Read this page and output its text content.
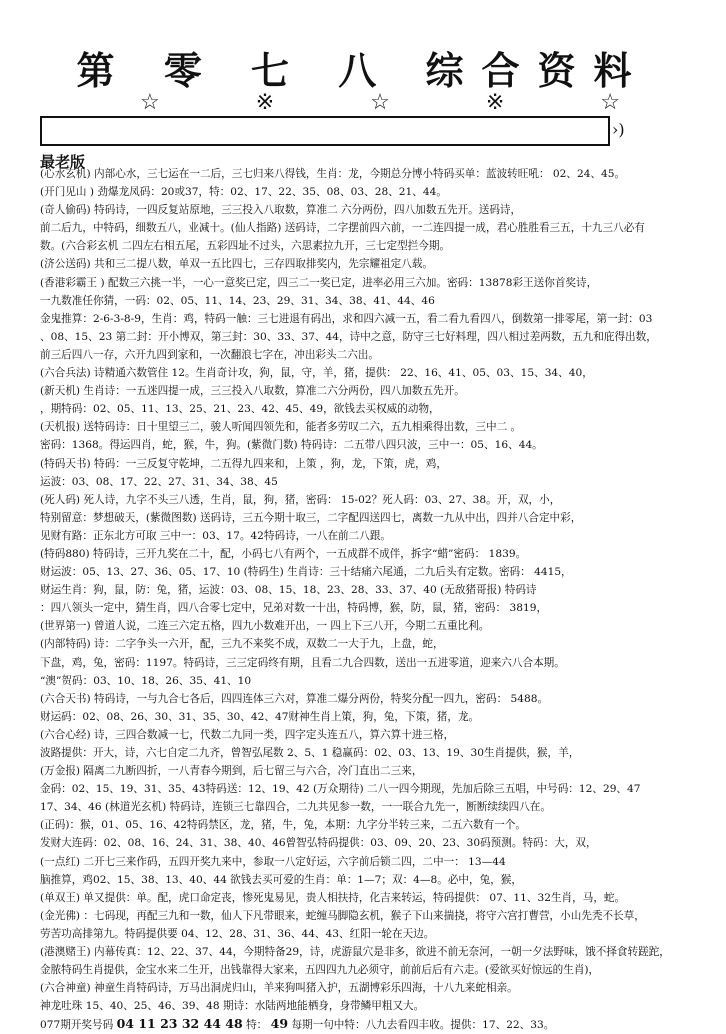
第 零 七 八 综合资料
☆	※	☆	※	☆
›)
最老版
(心水玄机) 内部心水，三七运在一二后，三七归来八得钱，生肖：龙，今期总分博小特码买单：蓝波转旺吼： 02、24、45。
(开门见山 ) 劲爆龙凤码：20或37，特：02、17、22、35、08、03、28、21、44。
(奇人偷码) 特码诗，一四反复站原地，三三投入八取数，算准二 六分两份，四八加数五先开。送码诗，
前二后九，中特码，细数五八，业减十。(仙人指路) 送码诗，二字摆前四六前，一二连四提一成，君心胜胜看三五，十九三八必有
数。(六合彩玄机 二四左右相五尾，五彩四址不过头，六思素拉九开，三七定型拦今期。
(济公送码) 共和三二提八数，单双一五比四七，三存四取排奖内，先宗耀祖定八载。
(香港彩霸王 ) 配数三六挑一半，一心一意奖已定，四三二一奖已定，进率必用三六加。密码：13878彩王送你首奖诗，
一九数准任你猜，一码：02、05、11、14、23、29、31、34、38、41、44、46
金鬼推算：2-6-3-8-9，生肖：鸡，特码一触：三七进退有码出，求和四六减一五，看二看九看四八，倒数第一排零尾，第一封：03
、08、15、23 第二封：开小博双，第三封：30、33、37、44，诗中之意，防守三七好料理，四八相过差两数，五九和庇得出数，
前三后四八一存，六开九四到家和，一次翻浪七字在，冲出彩头二六出。
(六合兵法) 诗精通六数管住 12。生肖奇计攻，狗，鼠，守，羊，猪，提供： 22、16、41、05、03、15、34、40，
(新天机) 生肖诗：一五迷四提一成，三三投入八取数，算准二六分两份，四八加数五先开。
，期特码：02、05、11、13、25、21、23、42、45、49，欲钱去买权威的动物，
(天机报) 送特码诗：日十里望三二，骏人听闻四领先和，能者多劳叹二六，五九相乘得出数，三中二 。
密码：1368。得运四肖，蛇，猴，牛，狗。(紫微门数) 特码诗：二五带八四只波，三中一：05、16、44。
(特码天书) 特码：一三反复守乾坤，二五得九四来和，上策 ，狗，龙，下策，虎，鸡，
运波：03、08、17、22、27、31、34、38、45
(死人码) 死人诗，九字不头三八透，生肖，鼠，狗，猪，密码： 15-02？死人码：03、27、38。开，双，小，
特别留意：梦想破天，(紫微图数) 送码诗，三五今期十取三，二字配四送四七，离数一九从中出，四并八合定中彩，
见财有路：正东北方可取 三中一：03、17。42特码诗，一八在前二八跟。
(特码880) 特码诗，三开九奖在二十，配，小码七八有两个，一五成群不成伴，拆字“蜡”密码： 1839。
财运波：05、13、27、36、05、17、10 (特码生) 生肖诗：三十结痛六尾通，二九后头有定数。密码： 4415，
财运生肖：狗，鼠，防：兔，猪，运波：03、08、15、18、23、28、33、37、40 (无敌猪哥报) 特码诗
：四八领头一定中，猜生肖，四八合零七定中，兄弟对数一十出，特码博，猴，防，鼠，猪，密码： 3819，
(世界第一) 曾道人说，二连三六定五格，四九小数难开出，一 四上下三八开，今期二五重比利。
(内部特码) 诗：二字争头一六开，配，三九不来奖不成，双数二一大于九，上盘，蛇，
下盘，鸡，兔，密码：1197。特码诗，三三定码终有期，且看二九合四数，送出一五进零道，迎来六八合本期。
“澳”贺码：03、10、18、26、35、41、10
(六合天书) 特码诗，一与九合七各后，四四连体三六对，算准二爆分两份，特奖分配一四九，密码： 5488。
财运码：02、08、26、30、31、35、30、42、47财神生肖上策，狗，兔，下策，猪，龙。
(六合心经) 诗，三四合数减一七，代数二九同一类，四字定头连五八，算六算十进三格，
波路提供：开大，诗，六七自定二九齐，曾智弘尾数 2、5、1 稳赢码：02、03、13、19、30生肖提供，猴，羊，
(万金报) 隔离二九断四折，一八青春今期到，后七留三与六合，冷门直出二三来，
金码：02、15、19、31、35、43特码送：12、19、42 (万众期待) 二八一四今期现，先加后除三五唱，中号码：12、29、47
17、34、46 (林道光玄机) 特码诗，连锁三七靠四合，二九共见参一数，一一联合九先一，断断续续四八在。
(正码)：猴，01、05、16、42特码禁区，龙，猪，牛，兔，本期：九字分半转三来，二五六数有一个。
发财大连码：02、08、16、24、31、38、40、46曾智弘特码提供：03、09、20、23、30码预测。特码：大，双，
(一点红) 二开七三来作码，五四开奖九来中，参取一八定好运，六字前后锁二四，二中一： 13—44
脑推算，鸡02、15、38、13、40、44 欲钱去买可爱的生肖：单：1—7；双：4—8。必中，兔，猴，
(单双王) 单又提供：单。配，虎口命定丧，惨死鬼易见，贵人相扶持，化吉来转运，特码提供： 07、11、32生肖，马，蛇。
(金光佛) ：七码现，再配三九和一数，仙人下凡带眼来，蛇缠马脚隐玄机，猴子下山来揣挠，将守六宫打曹营，小山先秃不长草，
劳苦功高排第九。特码提供要 04、12、28、31、36、44、43、红阳一轮在天边。
(港澳赌王) 内幕传真：12、22、37、44，今期特备29，诗，虎游鼠穴是非多，欲进不前无奈河，一朝一夕法野味，饿不择食转蹉跎，
金脓特码生肖提供，金宝水来二生开，出钱靠得大家来，五四四九九必须守，前前后后有六走。(爱欲买好惊远的生肖)，
(六合神童) 神童生肖特码诗，万马出洞虎归山，羊来狗叫猪入护，五湖博彩乐四海，十八九来蛇相亲。
神龙吐珠 15、40、25、46、39、48 期诗：水陆两地能栖身，身带鳞甲粗又大。
077期开奖号码 04 11 23 32 44 48 特： 49 每期一句中特：八九去看四丰收。提供：17、22、33。
